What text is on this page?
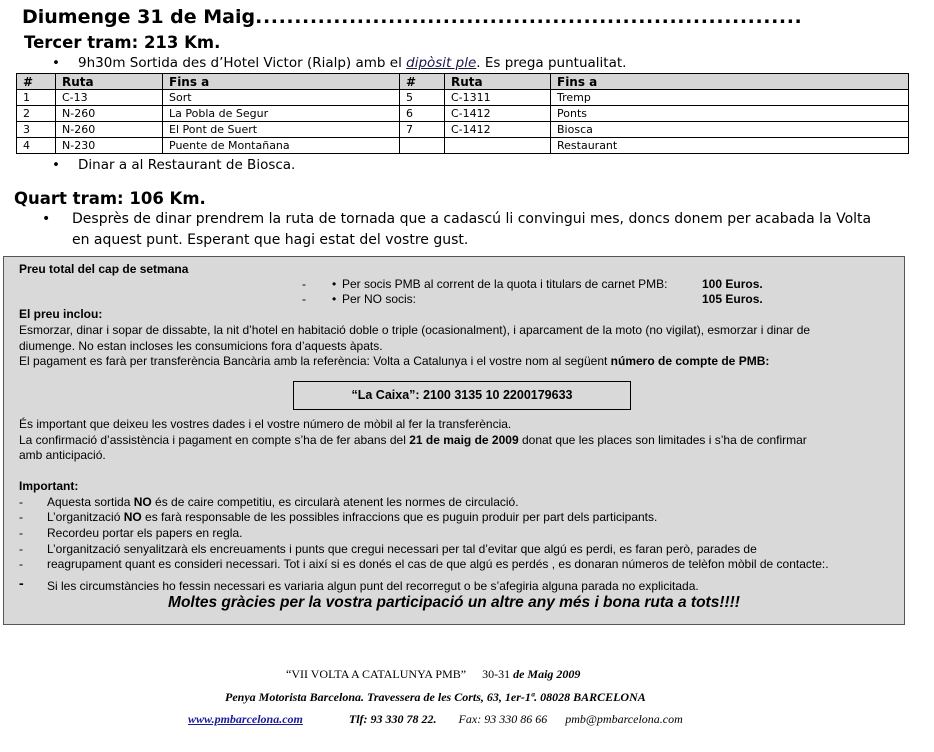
Diumenge 31 de Maig......................................................................
Tercer tram: 213 Km.
• 9h30m Sortida des d’Hotel Victor (Rialp) amb el dipòsit ple. Es prega puntualitat.
#	Ruta	Fins a	#	Ruta	Fins a
1	C-13	Sort	5	C-1311	Tremp
2	N-260	La Pobla de Segur	6	C-1412	Ponts
3	N-260	El Pont de Suert	7	C-1412	Biosca
4	N-230	Puente de Montañana			Restaurant
• Dinar a al Restaurant de Biosca.
Quart tram: 106 Km.
• Desprès de dinar prendrem la ruta de tornada que a cadascú li convingui mes, doncs donem per acabada la Volta
en aquest punt. Esperant que hagi estat del vostre gust.
Preu total del cap de setmana
- • Per socis PMB al corrent de la quota i titulars de carnet PMB:	100 Euros.
- • Per NO socis:	105 Euros.
El preu inclou:
Esmorzar, dinar i sopar de dissabte, la nit d’hotel en habitació doble o triple (ocasionalment), i aparcament de la moto (no vigilat), esmorzar i dinar de
diumenge. No estan incloses les consumicions fora d’aquests àpats.
El pagament es farà per transferència Bancària amb la referència: Volta a Catalunya i el vostre nom al següent número de compte de PMB:
“La Caixa”: 2100 3135 10 2200179633
És important que deixeu les vostres dades i el vostre número de mòbil al fer la transferència.
La confirmació d’assistència i pagament en compte s’ha de fer abans del 21 de maig de 2009 donat que les places son limitades i s’ha de confirmar
amb anticipació.
Important:
- Aquesta sortida NO és de caire competitiu, es circularà atenent les normes de circulació.
- L’organització NO es farà responsable de les possibles infraccions que es puguin produir per part dels participants.
- Recordeu portar els papers en regla.
- L’organització senyalitzarà els encreuaments i punts que cregui necessari per tal d’evitar que algú es perdi, es faran però, parades de
- reagrupament quant es consideri necessari. Tot i així si es donés el cas de que algú es perdés , es donaran números de telèfon mòbil de contacte:.
- Si les circumstàncies ho fessin necessari es variaria algun punt del recorregut o be s’afegiria alguna parada no explicitada.
Moltes gràcies per la vostra participació un altre any més i bona ruta a tots!!!!
“VII VOLTA A CATALUNYA PMB” 30-31 de Maig 2009
Penya Motorista Barcelona. Travessera de les Corts, 63, 1er-1ª. 08028 BARCELONA
www.pmbarcelona.com	Tlf: 93 330 78 22. Fax: 93 330 86 66 pmb@pmbarcelona.com
